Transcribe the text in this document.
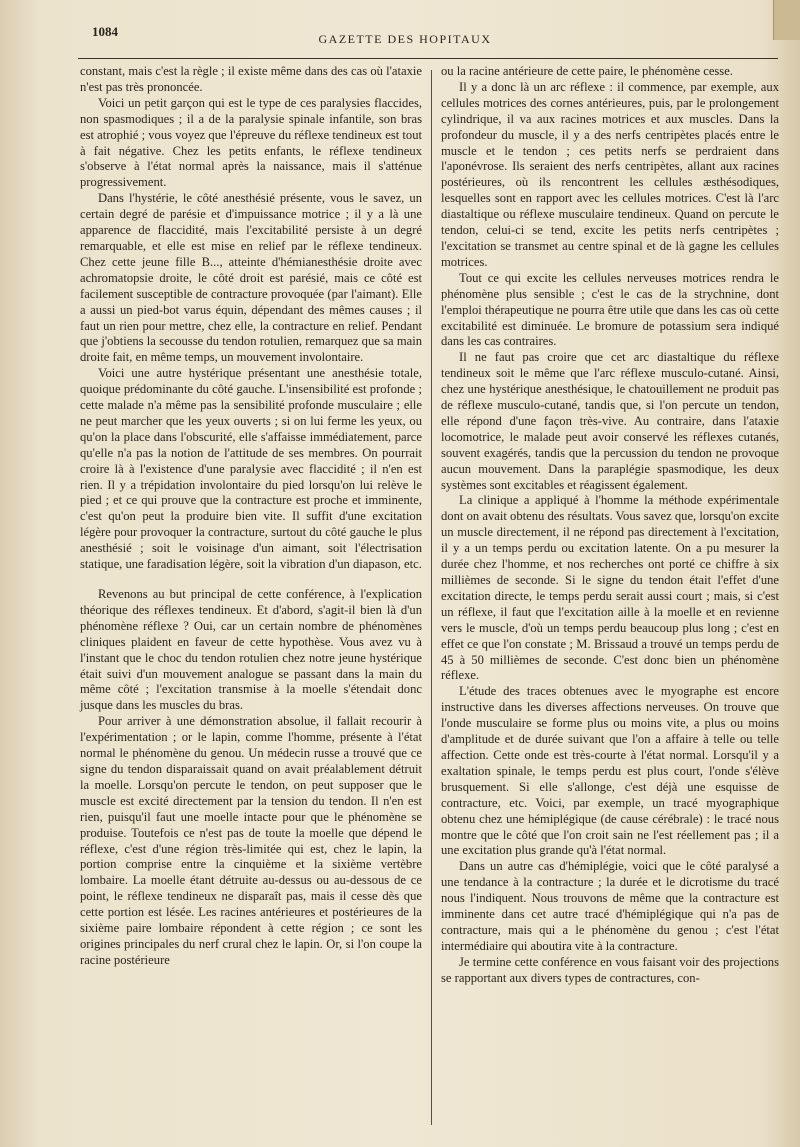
1084	GAZETTE DES HOPITAUX

constant, mais c'est la règle ; il existe même dans des cas où l'ataxie n'est pas très prononcée.

Voici un petit garçon qui est le type de ces paralysies flaccides, non spasmodiques ; il a de la paralysie spinale infantile, son bras est atrophié ; vous voyez que l'épreuve du réflexe tendineux est tout à fait négative. Chez les petits enfants, le réflexe tendineux s'observe à l'état normal après la naissance, mais il s'atténue progressivement.

Dans l'hystérie, le côté anesthésié présente, vous le savez, un certain degré de parésie et d'impuissance motrice ; il y a là une apparence de flaccidité, mais l'excitabilité persiste à un degré remarquable, et elle est mise en relief par le réflexe tendineux. Chez cette jeune fille B..., atteinte d'hémianesthésie droite avec achromatopsie droite, le côté droit est parésié, mais ce côté est facilement susceptible de contracture provoquée (par l'aimant). Elle a aussi un pied-bot varus équin, dépendant des mêmes causes ; il faut un rien pour mettre, chez elle, la contracture en relief. Pendant que j'obtiens la secousse du tendon rotulien, remarquez que sa main droite fait, en même temps, un mouvement involontaire.

Voici une autre hystérique présentant une anesthésie totale, quoique prédominante du côté gauche. L'insensibilité est profonde ; cette malade n'a même pas la sensibilité profonde musculaire ; elle ne peut marcher que les yeux ouverts ; si on lui ferme les yeux, ou qu'on la place dans l'obscurité, elle s'affaisse immédiatement, parce qu'elle n'a pas la notion de l'attitude de ses membres. On pourrait croire là à l'existence d'une paralysie avec flaccidité ; il n'en est rien. Il y a trépidation involontaire du pied lorsqu'on lui relève le pied ; et ce qui prouve que la contracture est proche et imminente, c'est qu'on peut la produire bien vite. Il suffit d'une excitation légère pour provoquer la contracture, surtout du côté gauche le plus anesthésié ; soit le voisinage d'un aimant, soit l'électrisation statique, une faradisation légère, soit la vibration d'un diapason, etc.

Revenons au but principal de cette conférence, à l'explication théorique des réflexes tendineux. Et d'abord, s'agit-il bien là d'un phénomène réflexe ? Oui, car un certain nombre de phénomènes cliniques plaident en faveur de cette hypothèse. Vous avez vu à l'instant que le choc du tendon rotulien chez notre jeune hystérique était suivi d'un mouvement analogue se passant dans la main du même côté ; l'excitation transmise à la moelle s'étendait donc jusque dans les muscles du bras.

Pour arriver à une démonstration absolue, il fallait recourir à l'expérimentation ; or le lapin, comme l'homme, présente à l'état normal le phénomène du genou. Un médecin russe a trouvé que ce signe du tendon disparaissait quand on avait préalablement détruit la moelle. Lorsqu'on percute le tendon, on peut supposer que le muscle est excité directement par la tension du tendon. Il n'en est rien, puisqu'il faut une moelle intacte pour que le phénomène se produise. Toutefois ce n'est pas de toute la moelle que dépend le réflexe, c'est d'une région très-limitée qui est, chez le lapin, la portion comprise entre la cinquième et la sixième vertèbre lombaire. La moelle étant détruite au-dessus ou au-dessous de ce point, le réflexe tendineux ne disparaît pas, mais il cesse dès que cette portion est lésée. Les racines antérieures et postérieures de la sixième paire lombaire répondent à cette région ; ce sont les origines principales du nerf crural chez le lapin. Or, si l'on coupe la racine postérieure

ou la racine antérieure de cette paire, le phénomène cesse.

Il y a donc là un arc réflexe : il commence, par exemple, aux cellules motrices des cornes antérieures, puis, par le prolongement cylindrique, il va aux racines motrices et aux muscles. Dans la profondeur du muscle, il y a des nerfs centripètes placés entre le muscle et le tendon ; ces petits nerfs se perdraient dans l'aponévrose. Ils seraient des nerfs centripètes, allant aux racines postérieures, où ils rencontrent les cellules æsthésodiques, lesquelles sont en rapport avec les cellules motrices. C'est là l'arc diastaltique ou réflexe musculaire tendineux. Quand on percute le tendon, celui-ci se tend, excite les petits nerfs centripètes ; l'excitation se transmet au centre spinal et de là gagne les cellules motrices.

Tout ce qui excite les cellules nerveuses motrices rendra le phénomène plus sensible ; c'est le cas de la strychnine, dont l'emploi thérapeutique ne pourra être utile que dans les cas où cette excitabilité est diminuée. Le bromure de potassium sera indiqué dans les cas contraires.

Il ne faut pas croire que cet arc diastaltique du réflexe tendineux soit le même que l'arc réflexe musculo-cutané. Ainsi, chez une hystérique anesthésique, le chatouillement ne produit pas de réflexe musculo-cutané, tandis que, si l'on percute un tendon, elle répond d'une façon très-vive. Au contraire, dans l'ataxie locomotrice, le malade peut avoir conservé les réflexes cutanés, souvent exagérés, tandis que la percussion du tendon ne provoque aucun mouvement. Dans la paraplégie spasmodique, les deux systèmes sont excitables et réagissent également.

La clinique a appliqué à l'homme la méthode expérimentale dont on avait obtenu des résultats. Vous savez que, lorsqu'on excite un muscle directement, il ne répond pas directement à l'excitation, il y a un temps perdu ou excitation latente. On a pu mesurer la durée chez l'homme, et nos recherches ont porté ce chiffre à six millièmes de seconde. Si le signe du tendon était l'effet d'une excitation directe, le temps perdu serait aussi court ; mais, si c'est un réflexe, il faut que l'excitation aille à la moelle et en revienne vers le muscle, d'où un temps perdu beaucoup plus long ; c'est en effet ce que l'on constate ; M. Brissaud a trouvé un temps perdu de 45 à 50 millièmes de seconde. C'est donc bien un phénomène réflexe.

L'étude des traces obtenues avec le myographe est encore instructive dans les diverses affections nerveuses. On trouve que l'onde musculaire se forme plus ou moins vite, a plus ou moins d'amplitude et de durée suivant que l'on a affaire à telle ou telle affection. Cette onde est très-courte à l'état normal. Lorsqu'il y a exaltation spinale, le temps perdu est plus court, l'onde s'élève brusquement. Si elle s'allonge, c'est déjà une esquisse de contracture, etc. Voici, par exemple, un tracé myographique obtenu chez une hémiplégique (de cause cérébrale) : le tracé nous montre que le côté que l'on croit sain ne l'est réellement pas ; il a une excitation plus grande qu'à l'état normal.

Dans un autre cas d'hémiplégie, voici que le côté paralysé a une tendance à la contracture ; la durée et le dicrotisme du tracé nous l'indiquent. Nous trouvons de même que la contracture est imminente dans cet autre tracé d'hémiplégique qui n'a pas de contracture, mais qui a le phénomène du genou ; c'est l'état intermédiaire qui aboutira vite à la contracture.

Je termine cette conférence en vous faisant voir des projections se rapportant aux divers types de contractures, con-
